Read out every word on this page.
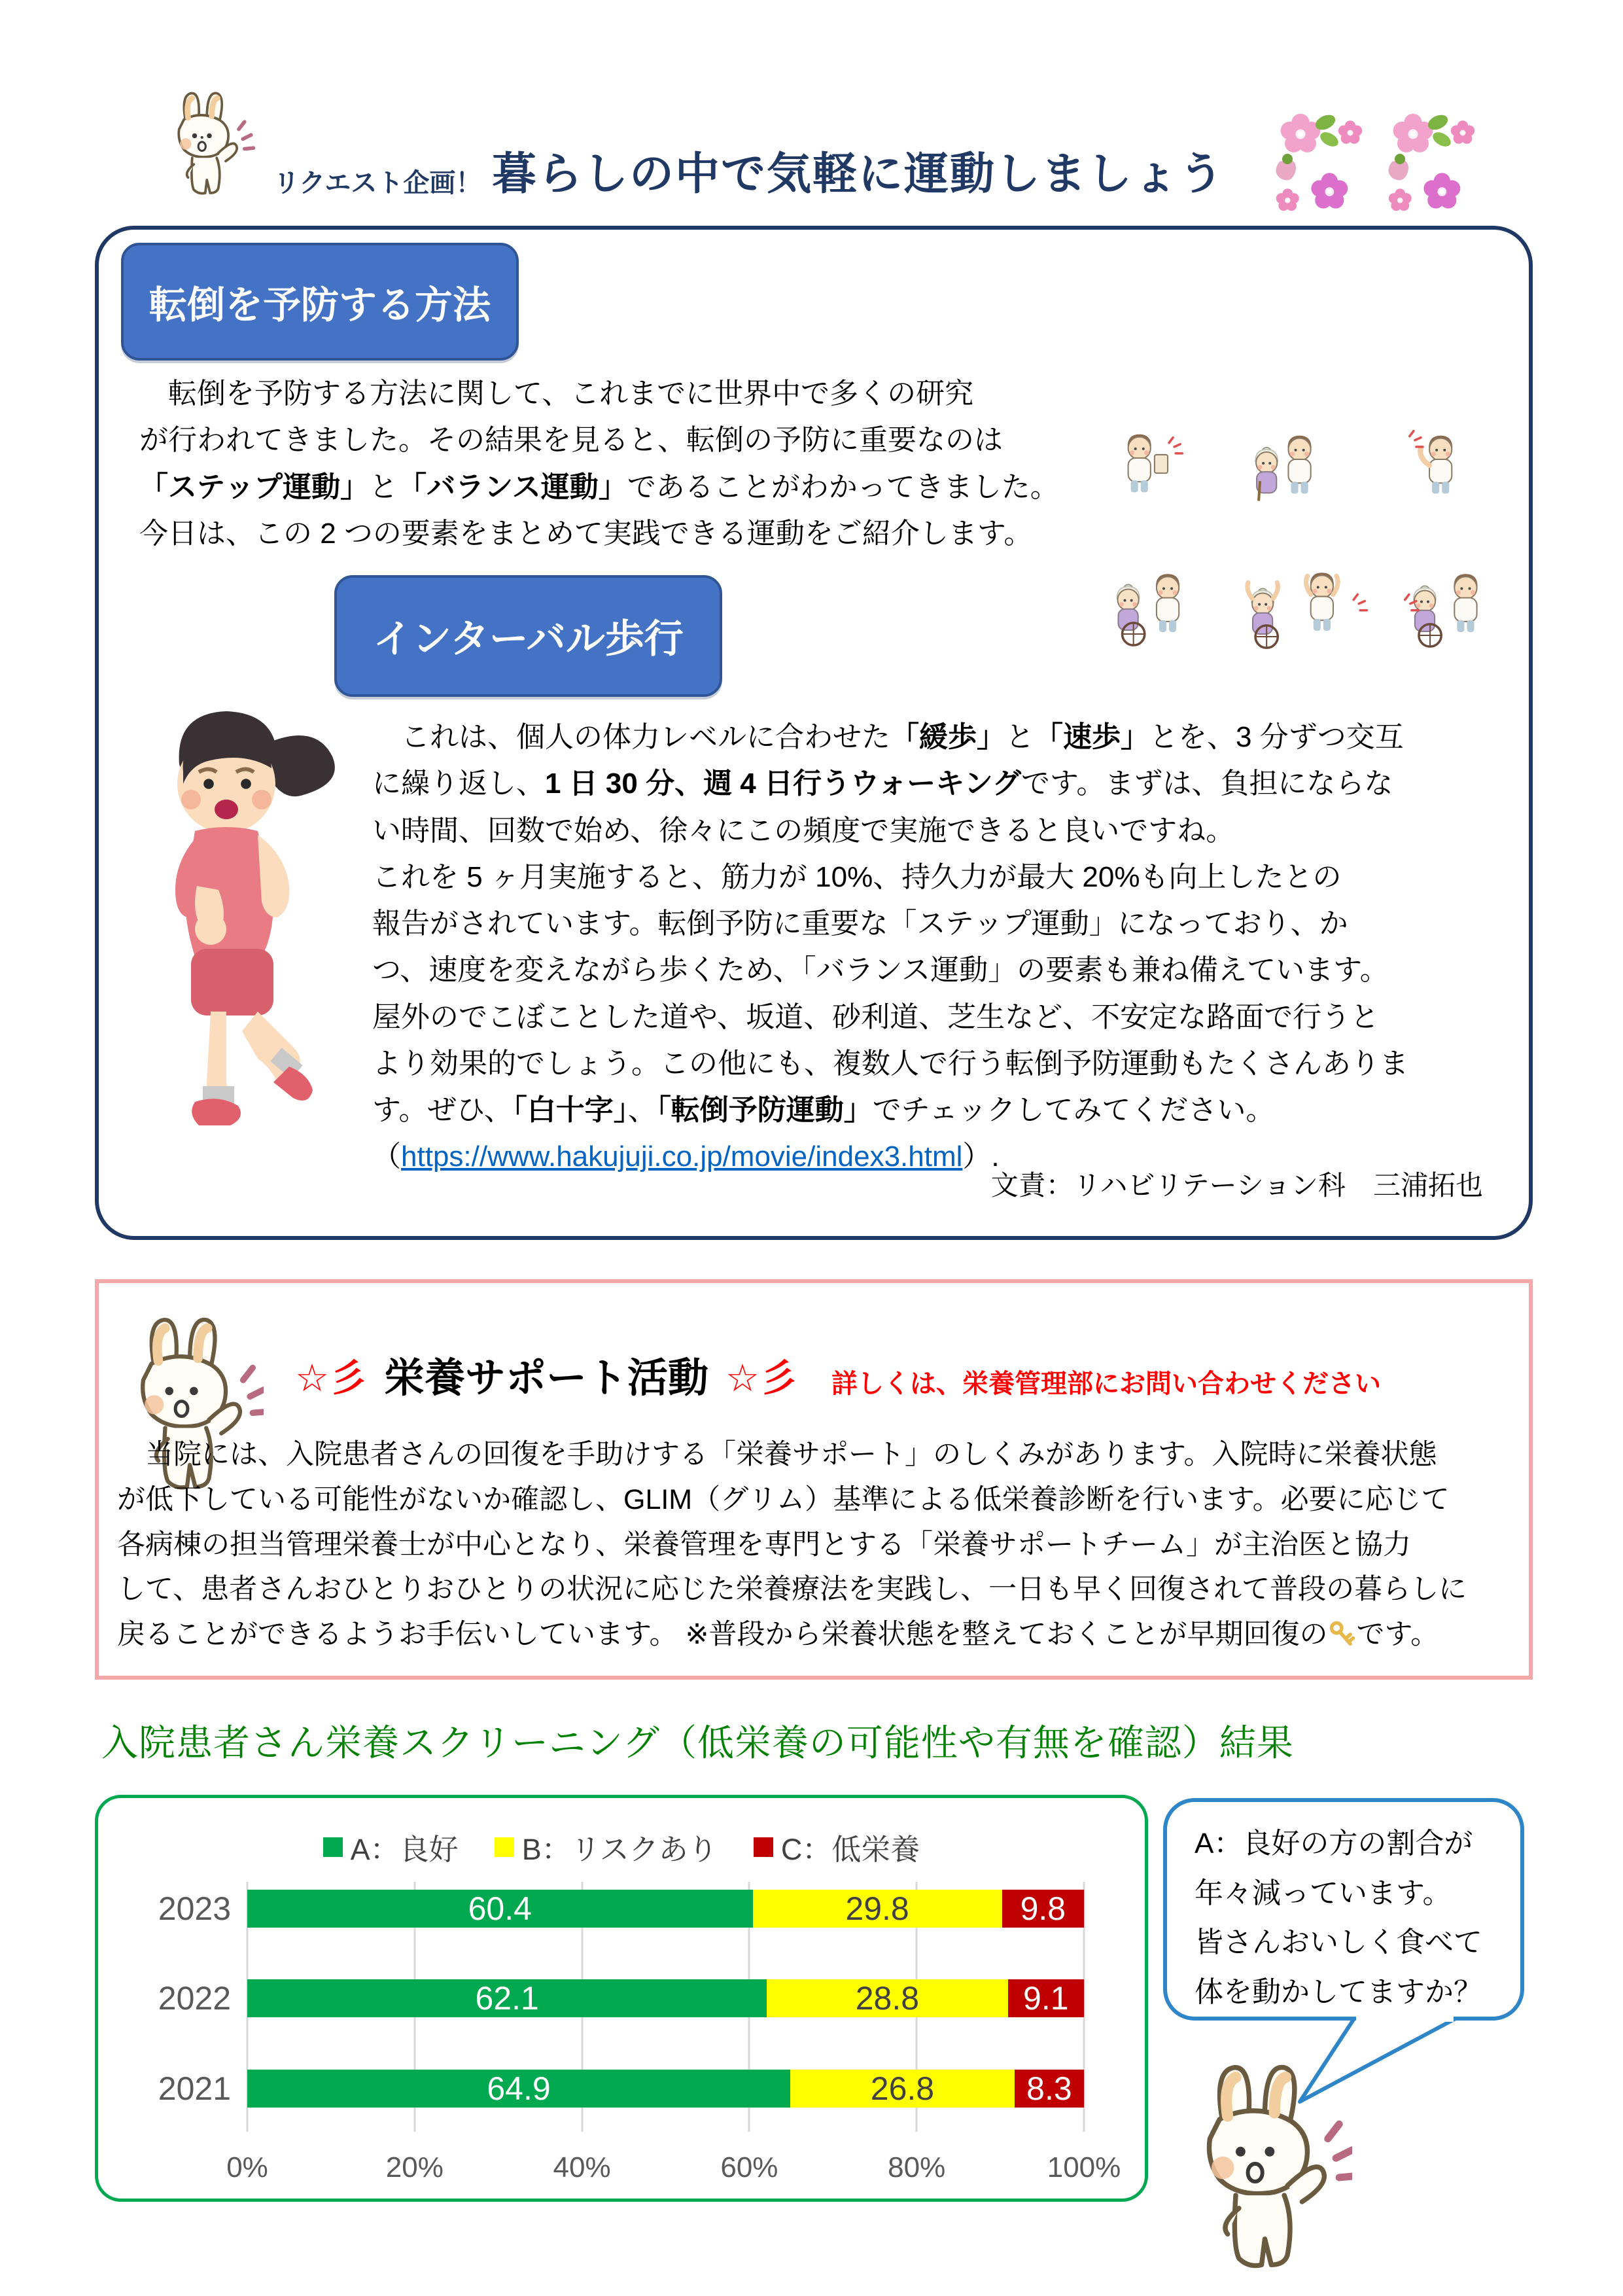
リクエスト企画！ 暮らしの中で気軽に運動しましょう
転倒を予防する方法

　転倒を予防する方法に関して、これまでに世界中で多くの研究
が行われてきました。その結果を見ると、転倒の予防に重要なのは
「ステップ運動」と「バランス運動」であることがわかってきました。
今日は、この 2 つの要素をまとめて実践できる運動をご紹介します。

インターバル歩行

　これは、個人の体力レベルに合わせた「緩歩」と「速歩」とを、3 分ずつ交互
に繰り返し、1 日 30 分、週 4 日行うウォーキングです。まずは、負担にならな
い時間、回数で始め、徐々にこの頻度で実施できると良いですね。
これを 5 ヶ月実施すると、筋力が 10%、持久力が最大 20%も向上したとの
報告がされています。転倒予防に重要な「ステップ運動」になっており、か
つ、速度を変えながら歩くため、「バランス運動」の要素も兼ね備えています。
屋外のでこぼことした道や、坂道、砂利道、芝生など、不安定な路面で行うと
より効果的でしょう。この他にも、複数人で行う転倒予防運動もたくさんありま
す。ぜひ、「白十字」、「転倒予防運動」でチェックしてみてください。
（https://www.hakujuji.co.jp/movie/index3.html）.

文責：リハビリテーション科　三浦拓也
☆彡 栄養サポート活動 ☆彡 詳しくは、栄養管理部にお問い合わせください

　当院には、入院患者さんの回復を手助けする「栄養サポート」のしくみがあります。入院時に栄養状態
が低下している可能性がないか確認し、GLIM（グリム）基準による低栄養診断を行います。必要に応じて
各病棟の担当管理栄養士が中心となり、栄養管理を専門とする「栄養サポートチーム」が主治医と協力
して、患者さんおひとりおひとりの状況に応じた栄養療法を実践し、一日も早く回復されて普段の暮らしに
戻ることができるようお手伝いしています。 ※普段から栄養状態を整えておくことが早期回復の です。

入院患者さん栄養スクリーニング（低栄養の可能性や有無を確認）結果
A：良好 B：リスクあり C：低栄養
0%	20%	40%	60%	80%	100%
2023	60.4	29.8	9.8
2022	62.1	28.8	9.1
2021	64.9	26.8	8.3
A：良好の方の割合が
年々減っています。
皆さんおいしく食べて
体を動かしてますか？
